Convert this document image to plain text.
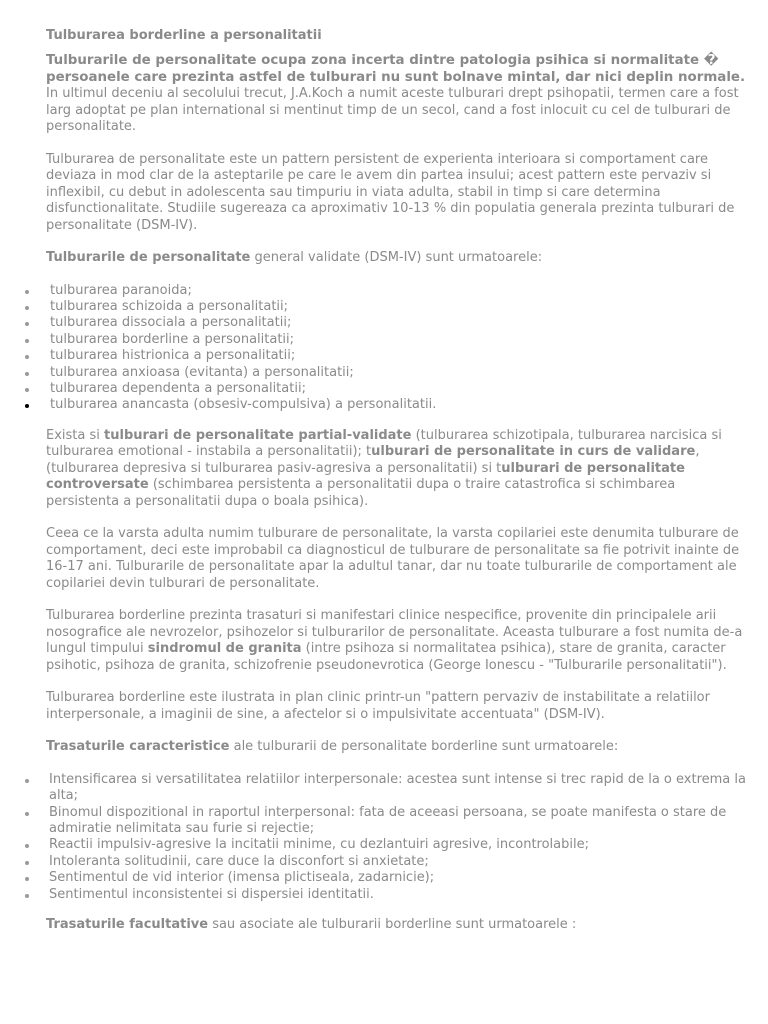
Tulburarea borderline a personalitatii
Tulburarile de personalitate ocupa zona incerta dintre patologia psihica si normalitate � persoanele care prezinta astfel de tulburari nu sunt bolnave mintal, dar nici deplin normale.

In ultimul deceniu al secolului trecut, J.A.Koch a numit aceste tulburari drept psihopatii, termen care a fost larg adoptat pe plan international si mentinut timp de un secol, cand a fost inlocuit cu cel de tulburari de personalitate.

Tulburarea de personalitate este un pattern persistent de experienta interioara si comportament care deviaza in mod clar de la asteptarile pe care le avem din partea insului; acest pattern este pervaziv si inflexibil, cu debut in adolescenta sau timpuriu in viata adulta, stabil in timp si care determina disfunctionalitate. Studiile sugereaza ca aproximativ 10-13 % din populatia generala prezinta tulburari de personalitate (DSM-IV).

Tulburarile de personalitate general validate (DSM-IV) sunt urmatoarele:

tulburarea paranoida;
tulburarea schizoida a personalitatii;
tulburarea dissociala a personalitatii;
tulburarea borderline a personalitatii;
tulburarea histrionica a personalitatii;
tulburarea anxioasa (evitanta) a personalitatii;
tulburarea dependenta a personalitatii;
tulburarea anancasta (obsesiv-compulsiva) a personalitatii.

Exista si tulburari de personalitate partial-validate (tulburarea schizotipala, tulburarea narcisica si tulburarea emotional - instabila a personalitatii); tulburari de personalitate in curs de validare, (tulburarea depresiva si tulburarea pasiv-agresiva a personalitatii) si tulburari de personalitate controversate (schimbarea persistenta a personalitatii dupa o traire catastrofica si schimbarea persistenta a personalitatii dupa o boala psihica).

Ceea ce la varsta adulta numim tulburare de personalitate, la varsta copilariei este denumita tulburare de comportament, deci este improbabil ca diagnosticul de tulburare de personalitate sa fie potrivit inainte de 16-17 ani. Tulburarile de personalitate apar la adultul tanar, dar nu toate tulburarile de comportament ale copilariei devin tulburari de personalitate.

Tulburarea borderline prezinta trasaturi si manifestari clinice nespecifice, provenite din principalele arii nosografice ale nevrozelor, psihozelor si tulburarilor de personalitate. Aceasta tulburare a fost numita de-a lungul timpului sindromul de granita (intre psihoza si normalitatea psihica), stare de granita, caracter psihotic, psihoza de granita, schizofrenie pseudonevrotica (George Ionescu - "Tulburarile personalitatii").

Tulburarea borderline este ilustrata in plan clinic printr-un "pattern pervaziv de instabilitate a relatiilor interpersonale, a imaginii de sine, a afectelor si o impulsivitate accentuata" (DSM-IV).

Trasaturile caracteristice ale tulburarii de personalitate borderline sunt urmatoarele:

Intensificarea si versatilitatea relatiilor interpersonale: acestea sunt intense si trec rapid de la o extrema la alta;
Binomul dispozitional in raportul interpersonal: fata de aceeasi persoana, se poate manifesta o stare de admiratie nelimitata sau furie si rejectie;
Reactii impulsiv-agresive la incitatii minime, cu dezlantuiri agresive, incontrolabile;
Intoleranta solitudinii, care duce la disconfort si anxietate;
Sentimentul de vid interior (imensa plictiseala, zadarnicie);
Sentimentul inconsistentei si dispersiei identitatii.

Trasaturile facultative sau asociate ale tulburarii borderline sunt urmatoarele :
